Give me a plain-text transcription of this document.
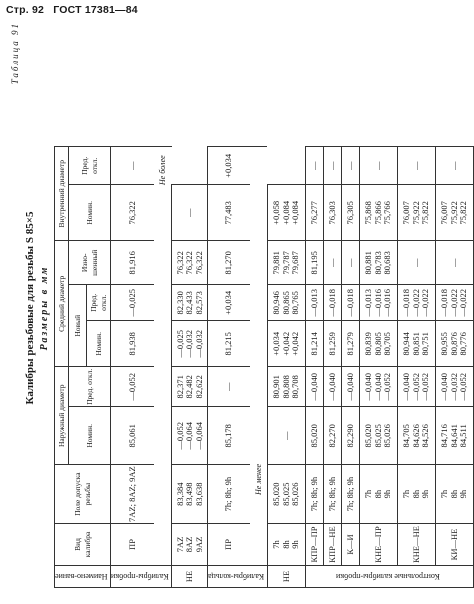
Стр. 92 ГОСТ 17381—84
Таблица 91
Калибры резьбовые для резьбы S 85×5 Размеры в мм
Наимено-вание	Вид калибра	Поле допуска резьбы	Наружный диаметр		Средний диаметр			Внутренний диаметр	
			Номин.	Пред. откл.	Новый		Изно-шенный	Номин.	Пред. откл.
					Номин.	Пред. откл.			
Калибры-пробки	ПР	7AZ; 8AZ; 9AZ	85,061	—0,052	81,938	—0,025	81,916	76,322	—

	Не более								

НЕ	7AZ 8AZ 9AZ	83,384 83,498 83,638	—0,052 —0,064 —0,064	82,371 82,482 82,622	—0,025 —0,032 —0,032	82,330 82,433 82,573	76,322 76,322 76,322	—	

Калибры-кольца	ПР	7h; 8h; 9h	85,178	—	81,215	+0,034	81,270	77,483	+0,034

	Не менее								

НЕ	7h 8h 9h	85,020 85,025 85,026	—	80,901 80,808 80,708	+0,034 +0,042 +0,042	80,946 80,865 80,765	79,881 79,787 79,687	+0,058 +0,084 +0,084	

Контрольные калибры-пробки	КПР—ПР	7h; 8h; 9h	85,020	—0,040	81,214	—0,013	81,195	76,277	—

	КПР—НЕ	7h; 8h; 9h	82,270	—0,040	81,259	—0,018	—	76,303	—

	К—И	7h; 8h; 9h	82,290	—0,040	81,279	—0,018	—	76,305	—

	КНЕ—ПР	7h 8h 9h	85,020 85,025 85,026	—0,040 —0,040 —0,052	80,839 80,805 80,705	—0,013 —0,016 —0,016	80,881 80,783 80,683	75,868 75,866 75,766	—

	КНЕ—НЕ	7h 8h 9h	84,705 84,626 84,526	—0,040 —0,052 —0,052	80,944 80,851 80,751	—0,018 —0,022 —0,022	—	76,007 75,922 75,822	—

	КИ—НЕ	7h 8h 9h	84,716 84,641 84,511	—0,040 —0,032 —0,052	80,955 80,876 80,776	—0,018 —0,022 —0,022	—	76,007 75,922 75,822	—
